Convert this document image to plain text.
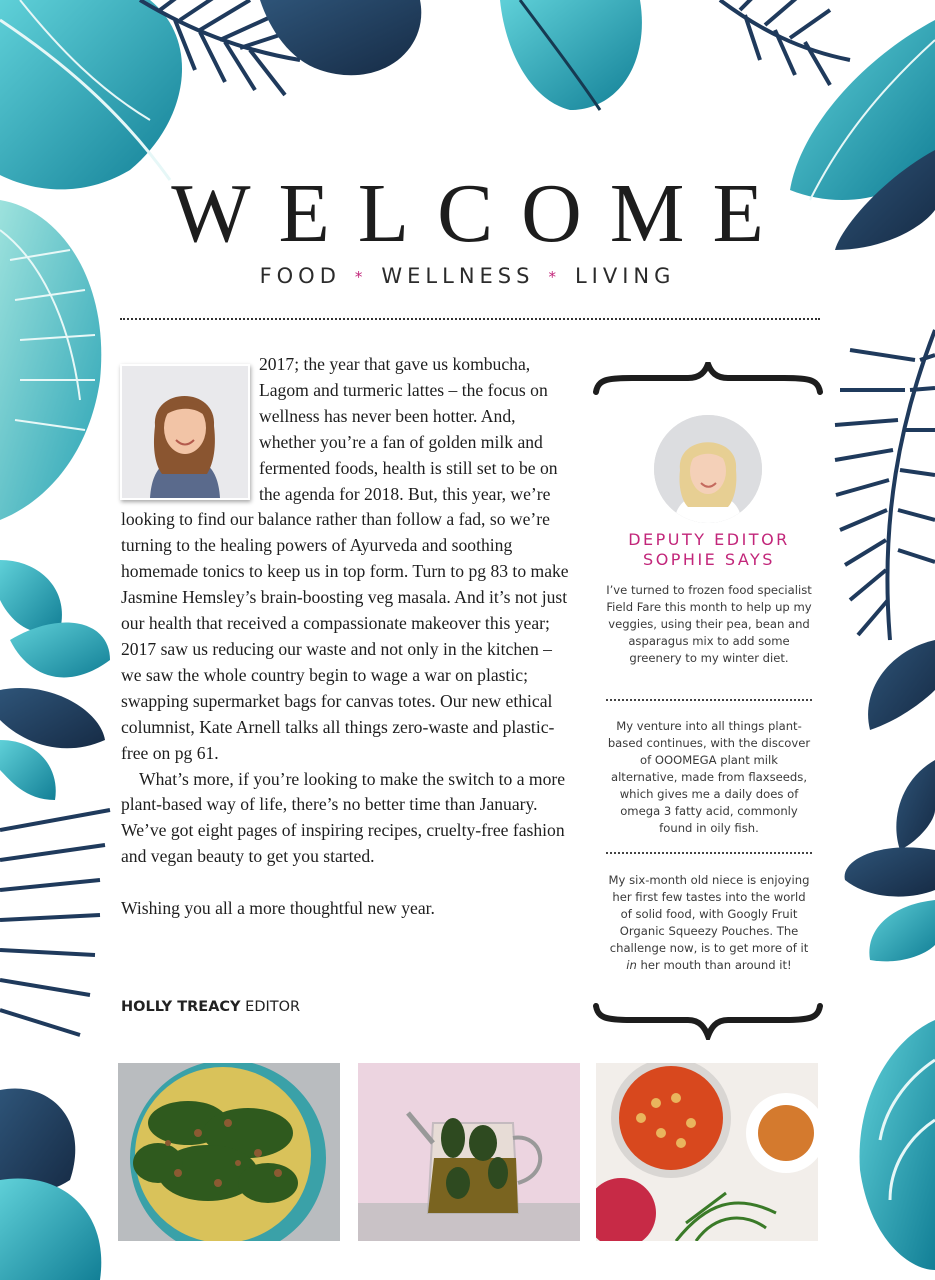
WELCOME
FOOD * WELLNESS * LIVING

2017; the year that gave us kombucha, Lagom and turmeric lattes – the focus on wellness has never been hotter. And, whether you’re a fan of golden milk and fermented foods, health is still set to be on the agenda for 2018. But, this year, we’re looking to find our balance rather than follow a fad, so we’re turning to the healing powers of Ayurveda and soothing homemade tonics to keep us in top form. Turn to pg 83 to make Jasmine Hemsley’s brain-boosting veg masala. And it’s not just our health that received a compassionate makeover this year; 2017 saw us reducing our waste and not only in the kitchen – we saw the whole country begin to wage a war on plastic; swapping supermarket bags for canvas totes. Our new ethical columnist, Kate Arnell talks all things zero-waste and plastic-free on pg 61.

What’s more, if you’re looking to make the switch to a more plant-based way of life, there’s no better time than January. We’ve got eight pages of inspiring recipes, cruelty-free fashion and vegan beauty to get you started.

Wishing you all a more thoughtful new year.

HOLLY TREACY EDITOR
DEPUTY EDITOR
SOPHIE SAYS
I’ve turned to frozen food specialist Field Fare this month to help up my veggies, using their pea, bean and asparagus mix to add some greenery to my winter diet.
My venture into all things plant-based continues, with the discover of OOOMEGA plant milk alternative, made from flaxseeds, which gives me a daily does of omega 3 fatty acid, commonly found in oily fish.
My six-month old niece is enjoying her first few tastes into the world of solid food, with Googly Fruit Organic Squeezy Pouches. The challenge now, is to get more of it in her mouth than around it!
